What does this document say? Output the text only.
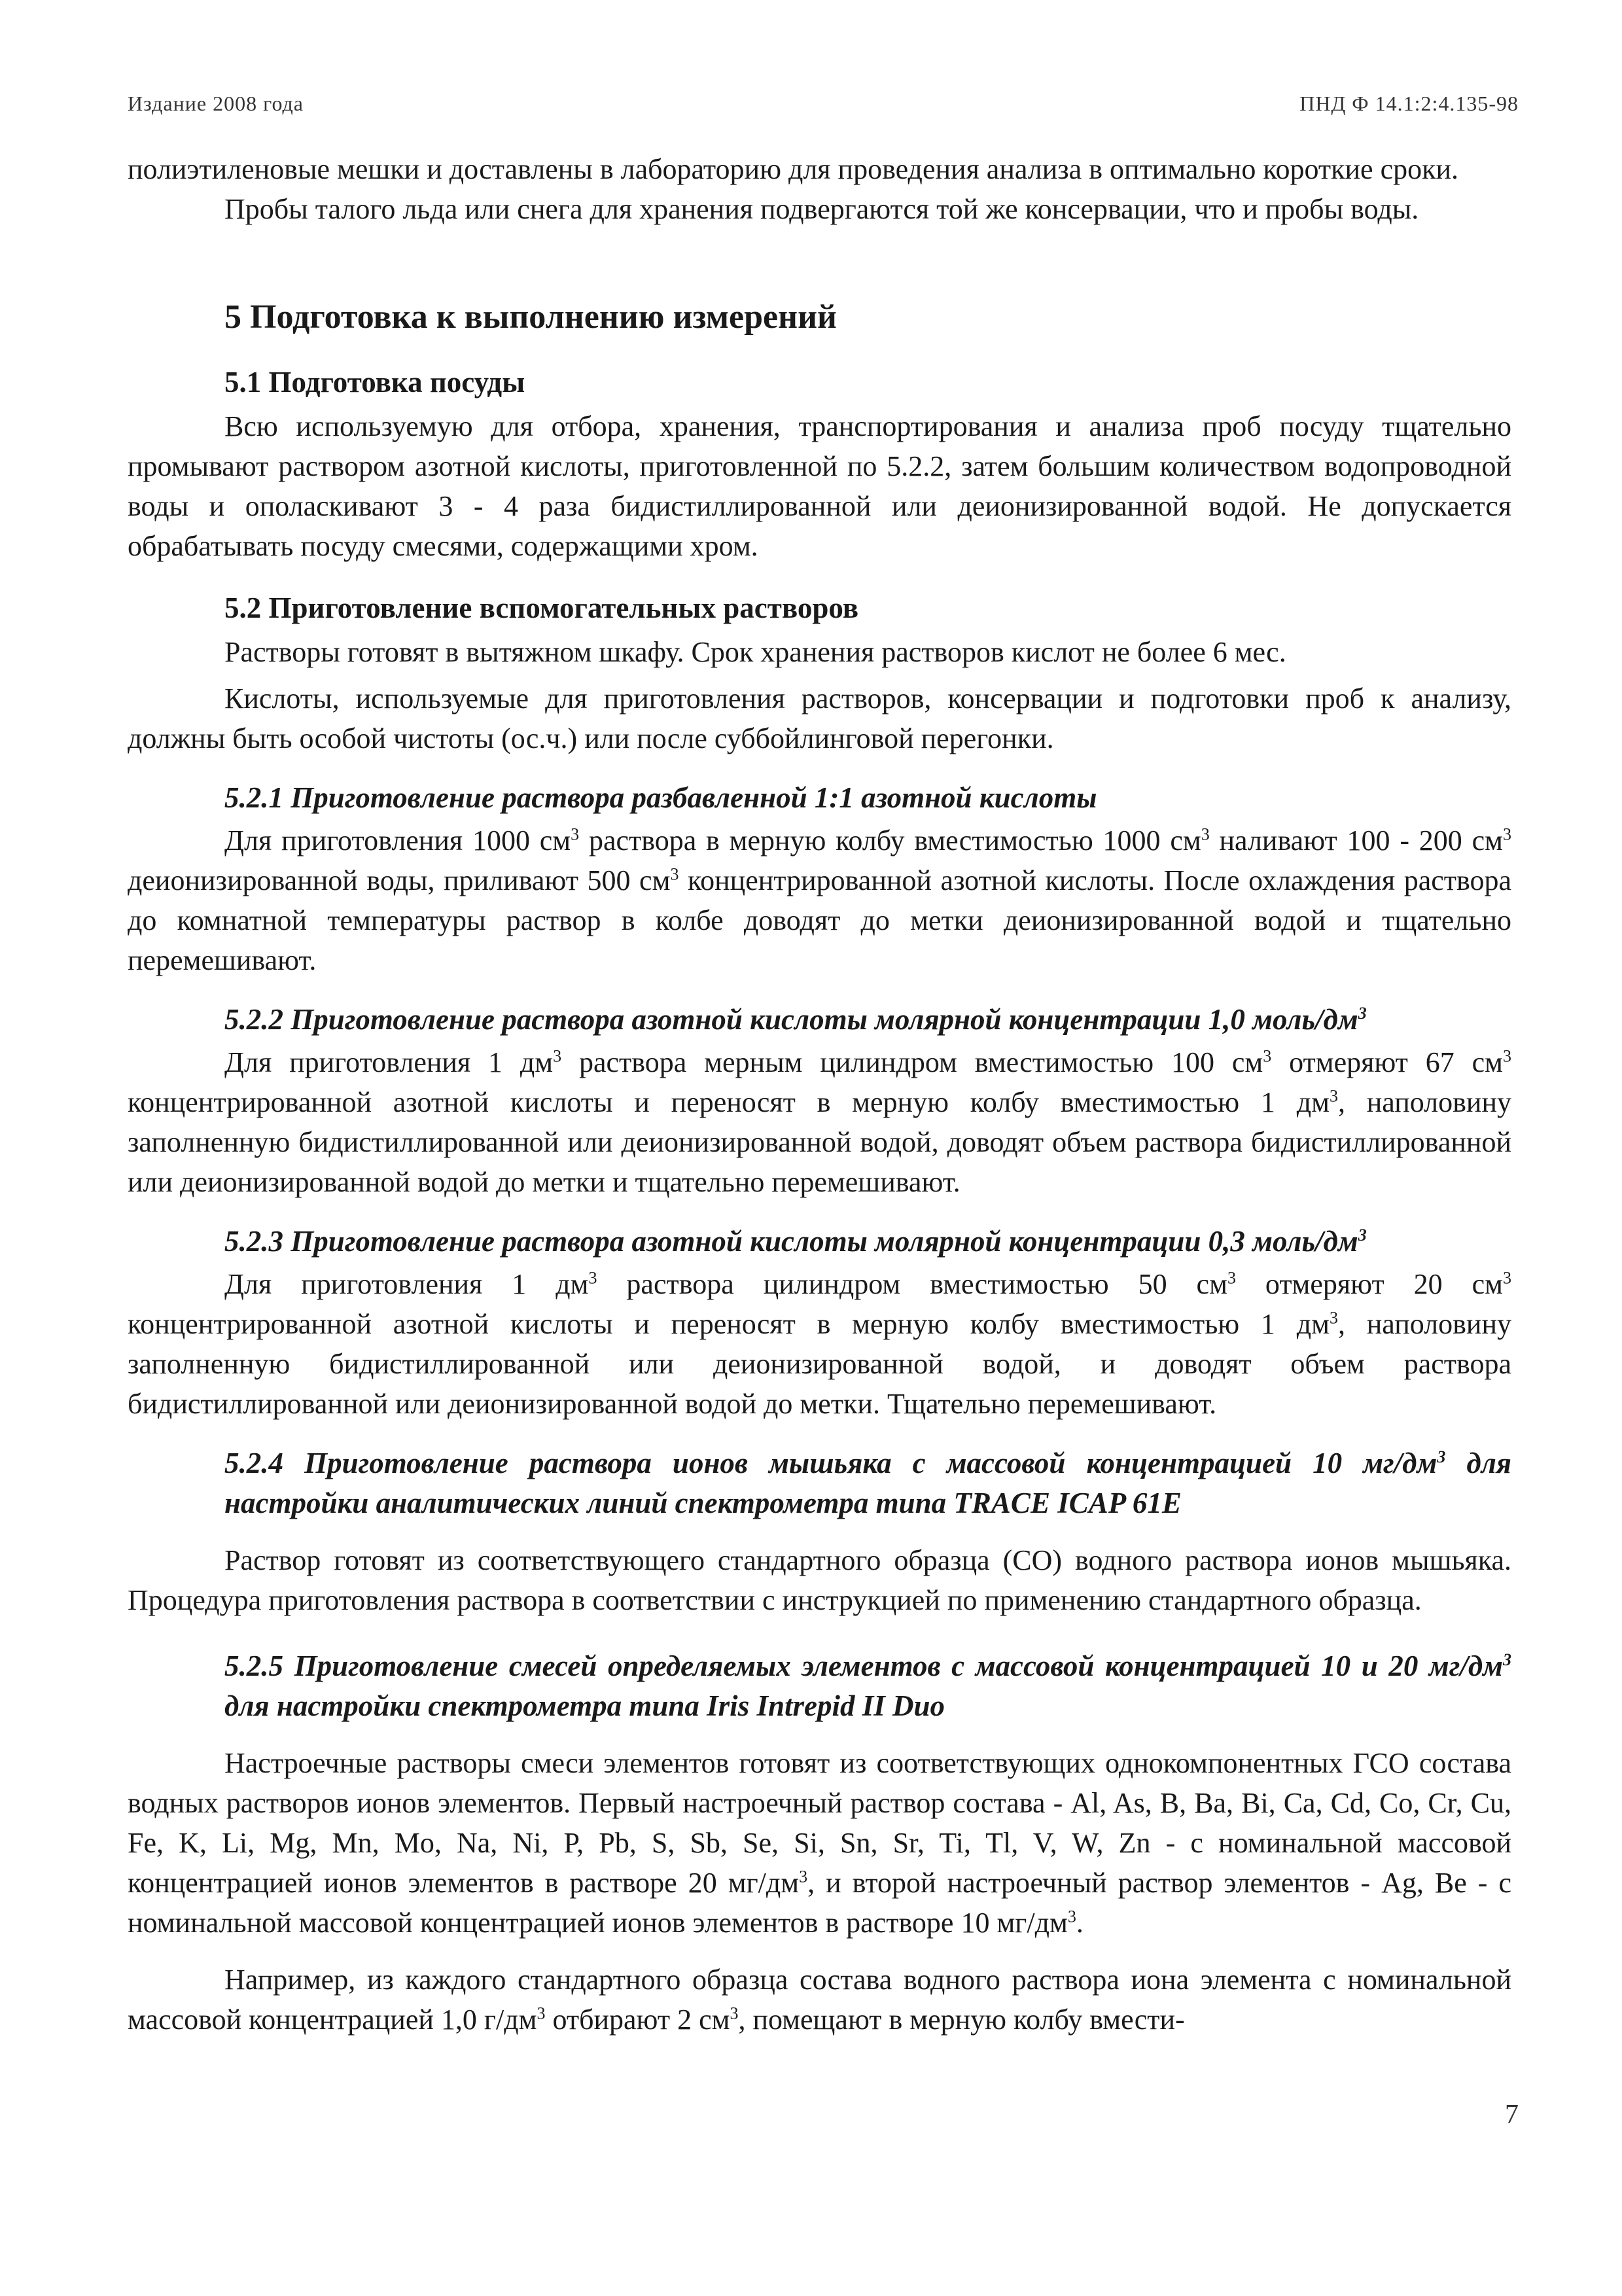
Издание 2008 года	ПНД Ф 14.1:2:4.135-98

полиэтиленовые мешки и доставлены в лабораторию для проведения анализа в оптимально короткие сроки.

Пробы талого льда или снега для хранения подвергаются той же консервации, что и пробы воды.

5 Подготовка к выполнению измерений
5.1 Подготовка посуды

Всю используемую для отбора, хранения, транспортирования и анализа проб посуду тщательно промывают раствором азотной кислоты, приготовленной по 5.2.2, затем большим количеством водопроводной воды и ополаскивают 3 - 4 раза бидистиллированной или деионизированной водой. Не допускается обрабатывать посуду смесями, содержащими хром.

5.2 Приготовление вспомогательных растворов

Растворы готовят в вытяжном шкафу. Срок хранения растворов кислот не более 6 мес.

Кислоты, используемые для приготовления растворов, консервации и подготовки проб к анализу, должны быть особой чистоты (ос.ч.) или после суббойлинговой перегонки.

5.2.1 Приготовление раствора разбавленной 1:1 азотной кислоты

Для приготовления 1000 $см^3$ раствора в мерную колбу вместимостью 1000 $см^3$ наливают 100 - 200 $см^3$ деионизированной воды, приливают 500 $см^3$ концентрированной азотной кислоты. После охлаждения раствора до комнатной температуры раствор в колбе доводят до метки деионизированной водой и тщательно перемешивают.

5.2.2 Приготовление раствора азотной кислоты молярной концентрации 1,0 моль/$дм^3$

Для приготовления 1 $дм^3$ раствора мерным цилиндром вместимостью 100 $см^3$ отмеряют 67 $см^3$ концентрированной азотной кислоты и переносят в мерную колбу вместимостью 1 $дм^3$, наполовину заполненную бидистиллированной или деионизированной водой, доводят объем раствора бидистиллированной или деионизированной водой до метки и тщательно перемешивают.

5.2.3 Приготовление раствора азотной кислоты молярной концентрации 0,3 моль/$дм^3$

Для приготовления 1 $дм^3$ раствора цилиндром вместимостью 50 $см^3$ отмеряют 20 $см^3$ концентрированной азотной кислоты и переносят в мерную колбу вместимостью 1 $дм^3$, наполовину заполненную бидистиллированной или деионизированной водой, и доводят объем раствора бидистиллированной или деионизированной водой до метки. Тщательно перемешивают.

5.2.4 Приготовление раствора ионов мышьяка с массовой концентрацией 10 $мг/дм^3$ для настройки аналитических линий спектрометра типа TRACE ICAP 61E

Раствор готовят из соответствующего стандартного образца (СО) водного раствора ионов мышьяка. Процедура приготовления раствора в соответствии с инструкцией по применению стандартного образца.

5.2.5 Приготовление смесей определяемых элементов с массовой концентрацией 10 и 20 $мг/дм^3$ для настройки спектрометра типа Iris Intrepid II Duo

Настроечные растворы смеси элементов готовят из соответствующих однокомпонентных ГСО состава водных растворов ионов элементов. Первый настроечный раствор состава - Al, As, B, Ba, Bi, Ca, Cd, Co, Cr, Cu, Fe, K, Li, Mg, Mn, Mo, Na, Ni, P, Pb, S, Sb, Se, Si, Sn, Sr, Ti, Tl, V, W, Zn - с номинальной массовой концентрацией ионов элементов в растворе 20 $мг/дм^3$, и второй настроечный раствор элементов - Ag, Be - с номинальной массовой концентрацией ионов элементов в растворе 10 $мг/дм^3$.

Например, из каждого стандартного образца состава водного раствора иона элемента с номинальной массовой концентрацией 1,0 $г/дм^3$ отбирают 2 $см^3$, помещают в мерную колбу вмести-

7
